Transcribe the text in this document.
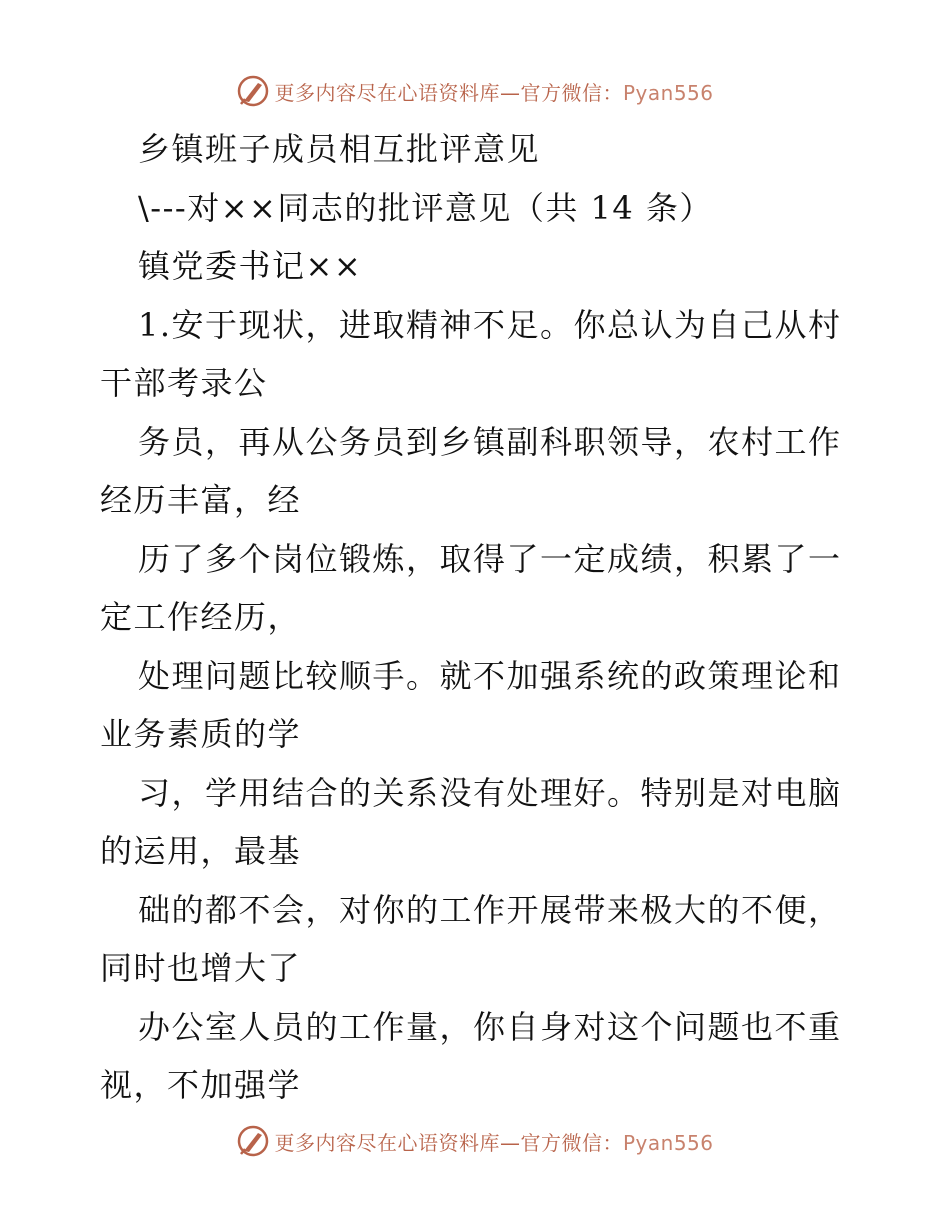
更多内容尽在心语资料库—官方微信：Pyan556
乡镇班子成员相互批评意见
\---对××同志的批评意见（共 14 条）
镇党委书记××
1.安于现状，进取精神不足。你总认为自己从村
干部考录公
务员，再从公务员到乡镇副科职领导，农村工作
经历丰富，经
历了多个岗位锻炼，取得了一定成绩，积累了一
定工作经历，
处理问题比较顺手。就不加强系统的政策理论和
业务素质的学
习，学用结合的关系没有处理好。特别是对电脑
的运用，最基
础的都不会，对你的工作开展带来极大的不便，
同时也增大了
办公室人员的工作量，你自身对这个问题也不重
视，不加强学
更多内容尽在心语资料库—官方微信：Pyan556
